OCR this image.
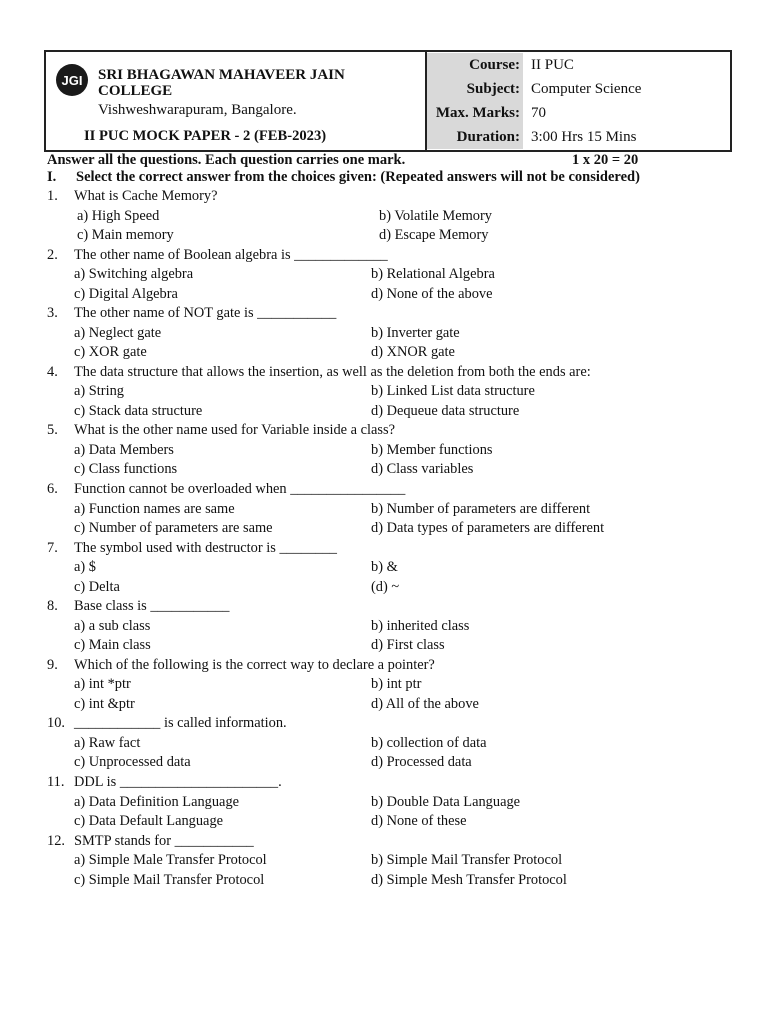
JGI SRI BHAGAWAN MAHAVEER JAIN COLLEGE
Vishweshwarapuram, Bangalore.
II PUC MOCK PAPER - 2 (FEB-2023)
Course: II PUC
Subject: Computer Science
Max. Marks: 70
Duration: 3:00 Hrs 15 Mins
Answer all the questions. Each question carries one mark.	1 x 20 = 20
I. Select the correct answer from the choices given: (Repeated answers will not be considered)
1. What is Cache Memory?
a) High Speed	b) Volatile Memory
c) Main memory	d) Escape Memory
2. The other name of Boolean algebra is _____________
a) Switching algebra	b) Relational Algebra
c) Digital Algebra	d) None of the above
3. The other name of NOT gate is ___________
a) Neglect gate	b) Inverter gate
c) XOR gate	d) XNOR gate
4. The data structure that allows the insertion, as well as the deletion from both the ends are:
a) String	b) Linked List data structure
c) Stack data structure	d) Dequeue data structure
5. What is the other name used for Variable inside a class?
a) Data Members	b) Member functions
c) Class functions	d) Class variables
6. Function cannot be overloaded when ________________
a) Function names are same	b) Number of parameters are different
c) Number of parameters are same	d) Data types of parameters are different
7. The symbol used with destructor is ________
a) $	b) &
c) Delta	(d) ~
8. Base class is ___________
a) a sub class	b) inherited class
c) Main class	d) First class
9. Which of the following is the correct way to declare a pointer?
a) int *ptr	b) int ptr
c) int &ptr	d) All of the above
10. ____________ is called information.
a) Raw fact	b) collection of data
c) Unprocessed data	d) Processed data
11. DDL is ______________________.
a) Data Definition Language	b) Double Data Language
c) Data Default Language	d) None of these
12. SMTP stands for ___________
a) Simple Male Transfer Protocol	b) Simple Mail Transfer Protocol
c) Simple Mail Transfer Protocol	d) Simple Mesh Transfer Protocol
